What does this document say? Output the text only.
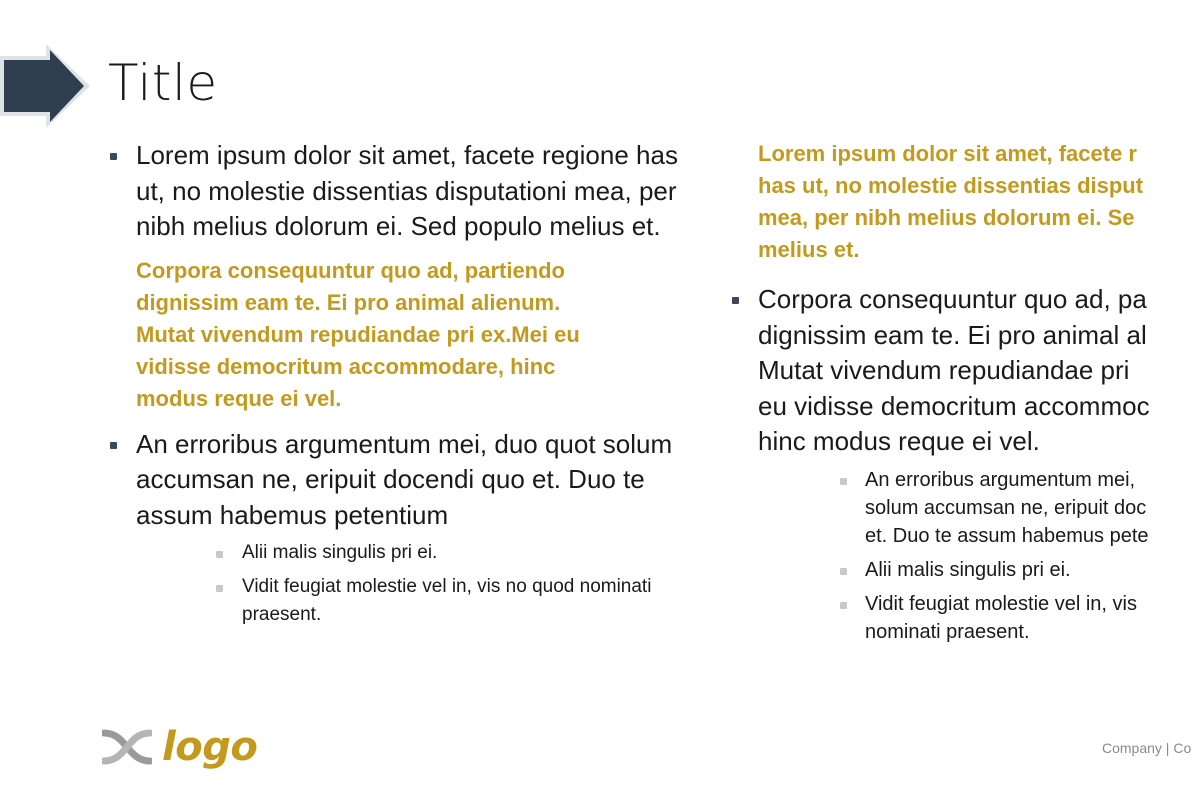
Title
Lorem ipsum dolor sit amet, facete regione has ut, no molestie dissentias disputationi mea, per nibh melius dolorum ei. Sed populo melius et.
Corpora consequuntur quo ad, partiendo
dignissim eam te. Ei pro animal alienum.
Mutat vivendum repudiandae pri ex.Mei eu
vidisse democritum accommodare, hinc
modus reque ei vel.
An erroribus argumentum mei, duo quot solum accumsan ne, eripuit docendi quo et. Duo te assum habemus petentium
Alii malis singulis pri ei.
Vidit feugiat molestie vel in, vis no quod nominati praesent.
Lorem ipsum dolor sit amet, facete r
has ut, no molestie dissentias disput
mea, per nibh melius dolorum ei. Se
melius et.
Corpora consequuntur quo ad, pa
dignissim eam te. Ei pro animal al
Mutat vivendum repudiandae pri
eu vidisse democritum accommoc
hinc modus reque ei vel.
An erroribus argumentum mei,
solum accumsan ne, eripuit doc
et. Duo te assum habemus pete
Alii malis singulis pri ei.
Vidit feugiat molestie vel in, vis
nominati praesent.
logo	Company | Co
